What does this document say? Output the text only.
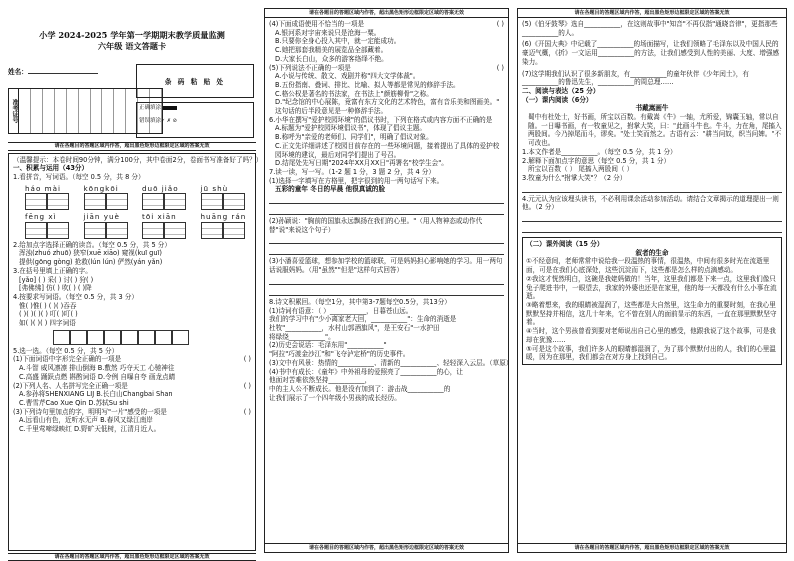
小学 2024-2025 学年第一学期期末教学质量监测
六年级 语文答题卡
姓名：
准考证号
条 码 粘 贴 处
正确填涂
错误填涂✓ ✗ ⊘
请在各题目的答题区域内作答，超出黑色矩形边框限定区域的答案无效
（温馨提示：本卷时间90分钟，满分100分，其中卷面2分，卷面书写准备好了吗？）
一、积累与运用（43分）
1.看拼音，写词语。（每空 0.5 分，共 8 分）
háo mài	kōngkōi	duō jiǎo	jū shù
fēng xì	jiān yuè	tōi xiān	huāng rán
2.给加点字选择正确的读音。（每空 0.5 分，共 5 分）
浑浊(zhuó zhuō) 狭窄(xuē xiāo) 窥视(kuī guī)
提供(gōng gòng) 抢救(lún lún) 俨然(yán yǎn)
3.在括号里填上正确的字。
[yǎo] ( ) 采( ) 讨( ) 狩( )
[弗佛绋] 仿( ) 吹( ) ( )降
4.按要求写词语。（每空 0.5 分，共 3 分）
惟( )惟( ) ( )( )吞吞
( )( )( )( ) 叮( )叮( )
如( )( )( ) 四字词语
5.选一选。（每空 0.5 分，共 5 分）
(1)下面词语中字形完全正确的一项是	( )
A.斗智 威风凛凛 排山倒海 B.敷然 巧夺天工 心驰神往
C.高盛 踊跃点燃 斟酌词语 D.令例 自曝自夸 画龙点睛
(2)下列人名、人名拼写完全正确一项是	( )
A.参孙将SHENXIANG LIJ B.长白山Changbai Shan
C.曹雪芹Cao Xue Qin D.苏轼Su shi
(3)下列诗句里加点的字，明明写"一片"感受的一项是	( )
A.远看山有色，近听水无声 B.春风又绿江南岸
C.千里莺啼绿映红 D.野旷天低树，江清月近人。
请在各题目的答题区域内作答，超出黑色矩形边框限定区域的答案无效
请在各题目的答题区域内作答，超出黑色矩形边框限定区域的答案无效
(4)下面成语使用不恰当的一项是	( )
A.银河系对宇宙来说只是沧海一粟。
B.只要你全身心投入其中，就一定能成功。
C.她把那套我精美的展览品全部藏着。
D.大家长白山，众多的游客络绎不绝。
(5)下列说法不正确的一项是	( )
A.小说与传统、散文、戏剧并称"四大文学体裁"。
B.五份指南、叠词、排比、比喻、拟人等都是常见的修辞手法。
C.格公权是著名的书法家，在书法上"颜筋柳骨"之称。
D."纪念馆的中心展陈，竟富有东方文化的艺术特色，富有音乐美和图画美。"
这句话的后半段意见是一种修辞手法。
6.小华在撰写"爱护校园环境"的倡议书时，下列在格式或内容方面不正确的是
A.标题为"爱护校园环境倡议书"，体现了倡议主题。
B.称呼为"亲爱的老师们、同学们"，明确了倡议对象。
C.正文先详细讲述了校园目前存在的一些环境问题，接着提出了具体的爱护校园环境的建议，最后对同学们提出了号召。
D.结尾处先写日期"2024年XX月XX日"再署名"校学生会"。
7.读一读，写一写。（1-2 题 1 分，3 题 2 分，共 4 分）
(1)选择一字填写在方格里，把字很到的用一两句话写下来。
五彩的童年 冬日的早晨 他很真诚的脸
(2)孙颖说："胸前的国旗永远飘扬在我们的心里。"（用人物神态或动作代替"说"来说这个句子）
(3)小潘喜爱篮球，想参加学校的篮球联，可是妈妈担心影响她的学习。用一两句话说服妈妈。（用"虽然""但是"这样句式回答）
8.诗文积累回。（每空1分，其中第3-7题每空0.5分，共13分）
(1)诗词有语意：（ ）___________，日暮苍山远。
我们的学习中有"少小离家老大回，___________"：生命的消逝是
杜牧"___________，水村山郭酒旗风"，是王安石"一水护田
将绿绕___________"。
(2)历史会说话：毛泽东用"___________"
"阿拉"巧渡金沙江"和"飞夺泸定桥"的历史事件。
(3)文中有风景：热情的___________、清新的___________、轻轻深入云层。（草原）
(4)书中有成长：《童年》中外祖母的爱照亮了___________的心，让
他面对苦难依然坚持___________，
中的主人公不断成长。他是没有加到了：游击战___________的
让我们展示了一个四年级小男孩的成长经历。
请在各题目的答题区域内作答，超出黑色矩形边框限定区域的答案无效
请在各题目的答题区域内作答，超出黑色矩形边框限定区域的答案无效
(5)《伯牙鼓琴》选自___________，在这则故事中"知音"不再仅指"通晓音律"，更指那些___________的人。
(6)《开国大典》中记载了___________的场面描写，让我们领略了毛泽东以及中国人民的豪迈气概，《折》一文运用___________的方法，让我们感受到人性的美丽、大度、增强感染力。
(7)这学期我们认识了很多新朋友，有___________的童年伙伴《少年闰土》，有___________的鲁迅先生，___________的周总理……
二、阅读与表达（25 分）
（一）课内阅读（6分）
书戴嵩画牛
蜀中有杜处士，好书画，所宝以百数。有戴嵩《牛》一轴，尤所爱，锦囊玉轴，常以自随。一日曝书画，有一牧童见之，拊掌大笑，曰："此画斗牛也。牛斗，力在角，尾搐入两股间。今乃掉尾而斗，谬矣。"处士笑而然之。古语有云："耕当问奴，织当问婢。"不可改也。
1.本文作者是___________。（每空 0.5 分，共 1 分）
2.解释下面加点字的意思（每空 0.5 分，共 1 分）
所宝以百数（ ） 尾搐入两股间（ ）
3.牧童为什么"拊掌大笑"？（2 分）
4.元元认为应该埋头读书，不必利用课余活动参加活动。请结合文章揭示的道理提出一则他。（2 分）
（二）课外阅读（15 分）
叙者的生命
①不经意间，老师常常中说给我一段温热的事情，很温热，中间有很多时光在流逝里面，可是在我们心底深处，这些沉淀而下，这些都是怎么样的点滴感动。
②我这才恍然明白，这碗是我姥妈做的！当年，这里我们都是下来一点，这里我们像只兔子爬进书中，一眼望去，我家的外婆也还是在家里，他的每一天都没有什么小事在流逝。
③略着想来，我的眼睛被湿润了，这些都是大自然里，这生命力的重要时刻，在我心里默默坚持并相信，这几十年来，它不曾在别人的面前显示的东西，一直在那里默默坚守着。
④当时，这个男孩曾看到要对老师说出自己心里的感受，他跟我说了这个故事，可是我却在犹豫……
⑤可是这个故事，我们许多人的眼睛都湿润了，为了那个默默付出的人，我们的心里温暖，因为在那里，我们都会在对方身上找到自己。
请在各题目的答题区域内作答，超出黑色矩形边框限定区域的答案无效
